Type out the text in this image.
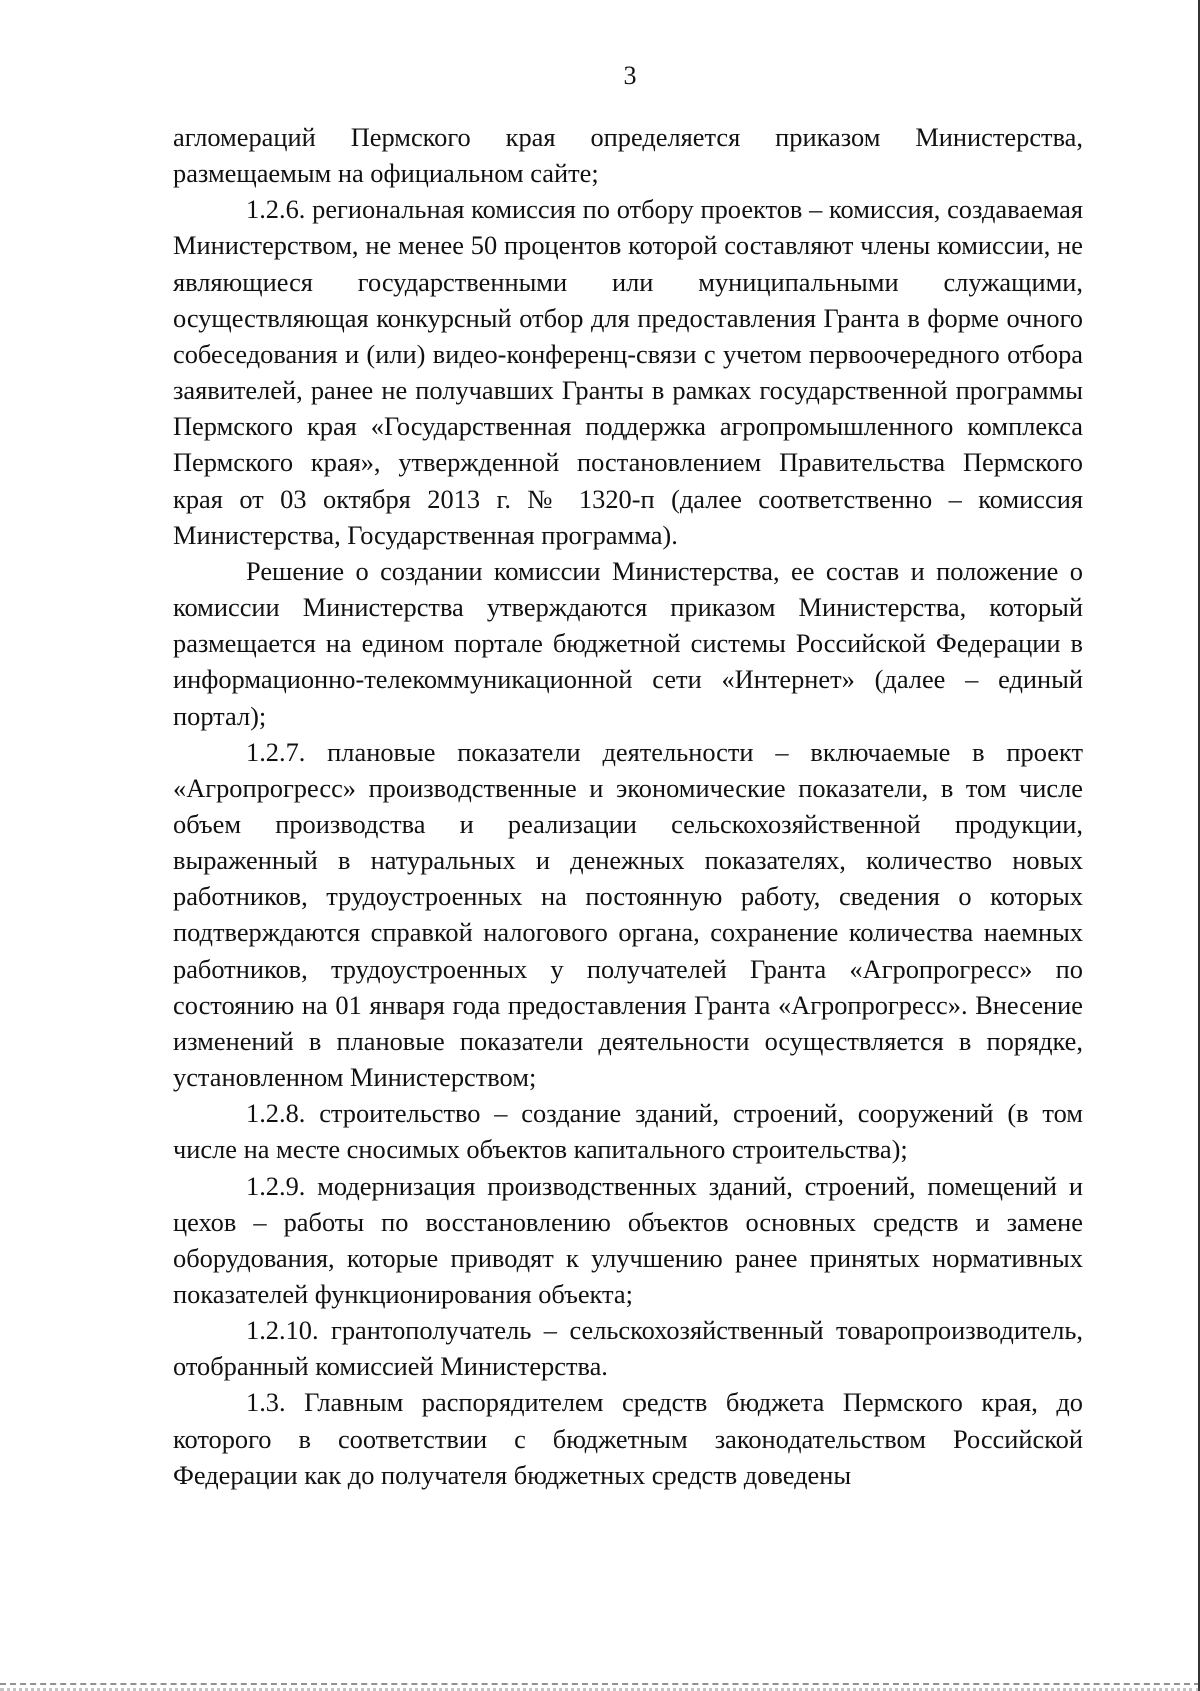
3

агломераций Пермского края определяется приказом Министерства, размещаемым на официальном сайте;

1.2.6. региональная комиссия по отбору проектов – комиссия, создаваемая Министерством, не менее 50 процентов которой составляют члены комиссии, не являющиеся государственными или муниципальными служащими, осуществляющая конкурсный отбор для предоставления Гранта в форме очного собеседования и (или) видео-конференц-связи с учетом первоочередного отбора заявителей, ранее не получавших Гранты в рамках государственной программы Пермского края «Государственная поддержка агропромышленного комплекса Пермского края», утвержденной постановлением Правительства Пермского края от 03 октября 2013 г. № 1320-п (далее соответственно – комиссия Министерства, Государственная программа).

Решение о создании комиссии Министерства, ее состав и положение о комиссии Министерства утверждаются приказом Министерства, который размещается на едином портале бюджетной системы Российской Федерации в информационно-телекоммуникационной сети «Интернет» (далее – единый портал);

1.2.7. плановые показатели деятельности – включаемые в проект «Агропрогресс» производственные и экономические показатели, в том числе объем производства и реализации сельскохозяйственной продукции, выраженный в натуральных и денежных показателях, количество новых работников, трудоустроенных на постоянную работу, сведения о которых подтверждаются справкой налогового органа, сохранение количества наемных работников, трудоустроенных у получателей Гранта «Агропрогресс» по состоянию на 01 января года предоставления Гранта «Агропрогресс». Внесение изменений в плановые показатели деятельности осуществляется в порядке, установленном Министерством;

1.2.8. строительство – создание зданий, строений, сооружений (в том числе на месте сносимых объектов капитального строительства);

1.2.9. модернизация производственных зданий, строений, помещений и цехов – работы по восстановлению объектов основных средств и замене оборудования, которые приводят к улучшению ранее принятых нормативных показателей функционирования объекта;

1.2.10. грантополучатель – сельскохозяйственный товаропроизводитель, отобранный комиссией Министерства.

1.3. Главным распорядителем средств бюджета Пермского края, до которого в соответствии с бюджетным законодательством Российской Федерации как до получателя бюджетных средств доведены
